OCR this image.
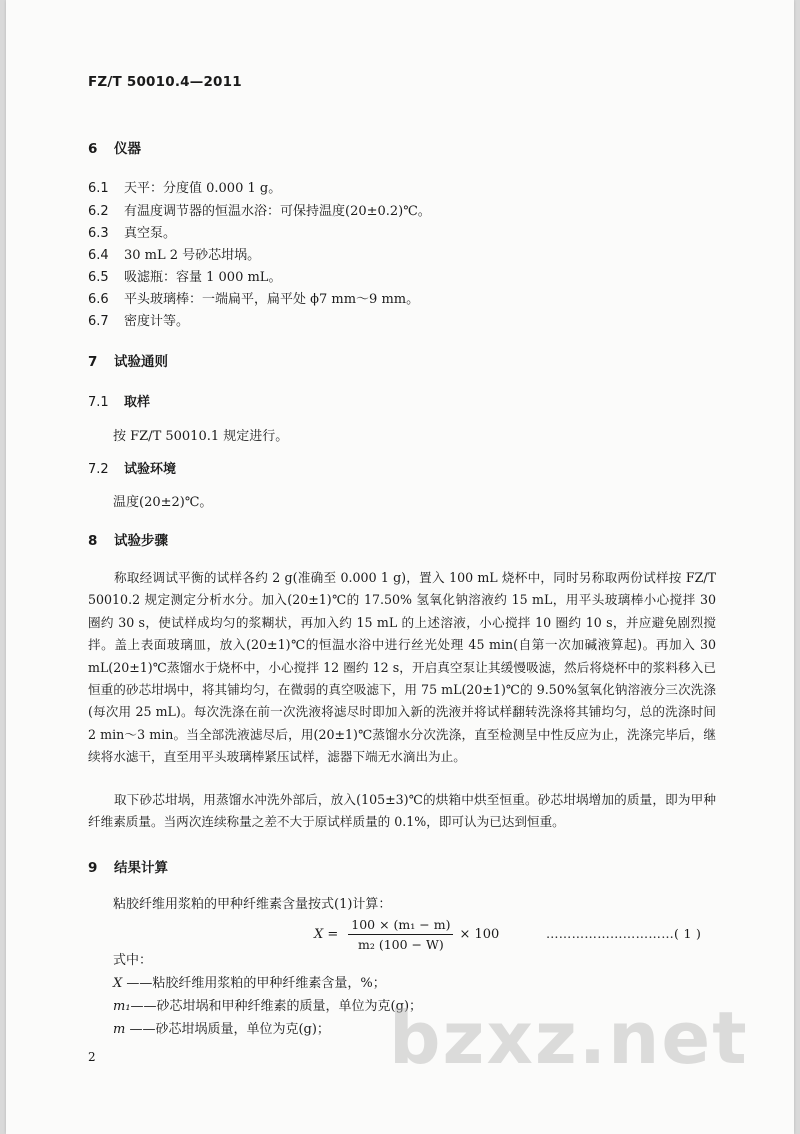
FZ/T 50010.4—2011
6 仪器
6.1 天平：分度值 0.000 1 g。
6.2 有温度调节器的恒温水浴：可保持温度(20±0.2)℃。
6.3 真空泵。
6.4 30 mL 2 号砂芯坩埚。
6.5 吸滤瓶：容量 1 000 mL。
6.6 平头玻璃棒：一端扁平，扁平处 ϕ7 mm～9 mm。
6.7 密度计等。
7 试验通则
7.1 取样
按 FZ/T 50010.1 规定进行。
7.2 试验环境
温度(20±2)℃。
8 试验步骤
称取经调试平衡的试样各约 2 g(准确至 0.000 1 g)，置入 100 mL 烧杯中，同时另称取两份试样按 FZ/T 50010.2 规定测定分析水分。加入(20±1)℃的 17.50% 氢氧化钠溶液约 15 mL，用平头玻璃棒小心搅拌 30 圈约 30 s，使试样成均匀的浆糊状，再加入约 15 mL 的上述溶液，小心搅拌 10 圈约 10 s，并应避免剧烈搅拌。盖上表面玻璃皿，放入(20±1)℃的恒温水浴中进行丝光处理 45 min(自第一次加碱液算起)。再加入 30 mL(20±1)℃蒸馏水于烧杯中，小心搅拌 12 圈约 12 s，开启真空泵让其缓慢吸滤，然后将烧杯中的浆料移入已恒重的砂芯坩埚中，将其铺均匀，在微弱的真空吸滤下，用 75 mL(20±1)℃的 9.50%氢氧化钠溶液分三次洗涤(每次用 25 mL)。每次洗涤在前一次洗液将滤尽时即加入新的洗液并将试样翻转洗涤将其铺均匀，总的洗涤时间 2 min～3 min。当全部洗液滤尽后，用(20±1)℃蒸馏水分次洗涤，直至检测呈中性反应为止，洗涤完毕后，继续将水滤干，直至用平头玻璃棒紧压试样，滤器下端无水滴出为止。
取下砂芯坩埚，用蒸馏水冲洗外部后，放入(105±3)℃的烘箱中烘至恒重。砂芯坩埚增加的质量，即为甲种纤维素质量。当两次连续称量之差不大于原试样质量的 0.1%，即可认为已达到恒重。
9 结果计算
粘胶纤维用浆粕的甲种纤维素含量按式(1)计算：
$X = \frac{\text{100 × (m₁ − m)}}{\text{m₂ (100 − W)}} \times 100$	…………………………( 1 )
式中：
X ——粘胶纤维用浆粕的甲种纤维素含量，%；
m₁——砂芯坩埚和甲种纤维素的质量，单位为克(g)；
m ——砂芯坩埚质量，单位为克(g)；
2	bzxz.net
